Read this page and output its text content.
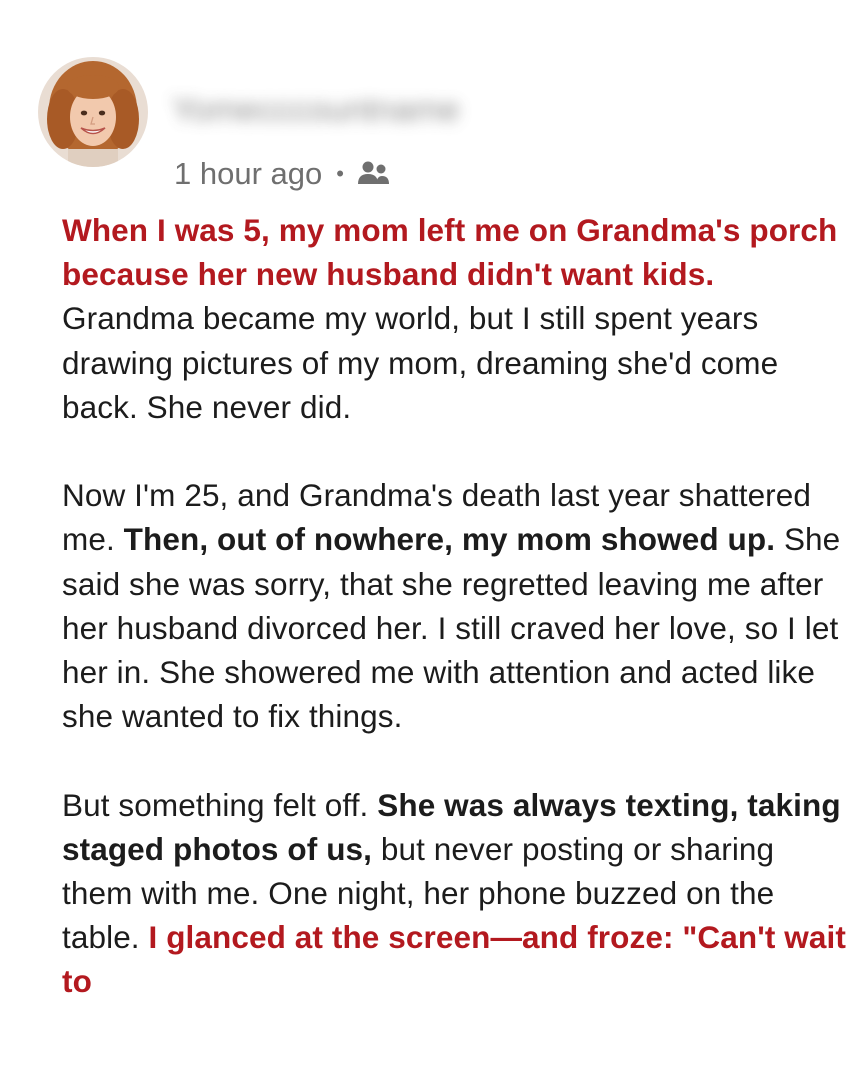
Yomecccountname
1 hour ago •

When I was 5, my mom left me on Grandma's porch because her new husband didn't want kids. Grandma became my world, but I still spent years drawing pictures of my mom, dreaming she'd come back. She never did.

Now I'm 25, and Grandma's death last year shattered me. Then, out of nowhere, my mom showed up. She said she was sorry, that she regretted leaving me after her husband divorced her. I still craved her love, so I let her in. She showered me with attention and acted like she wanted to fix things.

But something felt off. She was always texting, taking staged photos of us, but never posting or sharing them with me. One night, her phone buzzed on the table. I glanced at the screen—and froze: "Can't wait to
